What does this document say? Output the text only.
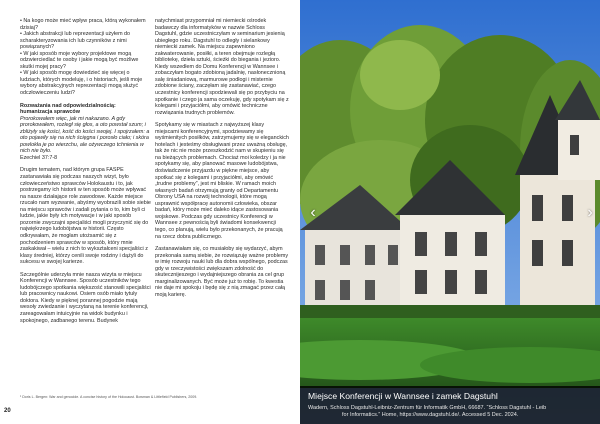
• Na kogo może mieć wpływ praca, którą wykonałem dzisiaj?

• Jakich abstrakcji lub reprezentacji użyłem do scharakteryzowania ich lub czynników z nimi powiązanych?

• W jaki sposób moje wybory projektowe mogą odzwierciedlać te osoby i jakie mogą być możliwe skutki mojej pracy?

• W jaki sposób mogę dowiedzieć się więcej o ludziach, których modeluję, i o historiach, jeśli moje wybory abstrakcyjnych reprezentacji mogą służyć odczłowieczeniu ludzi?

Rozważania nad odpowiedzialnością:

humanizacja sprawców

Prorokowałem więc, jak mi nakazano. A gdy prorokowałem, rozległ się głos, a oto powstał szum; i zbliżyły się kości, kość do kości swojej. I spojrzałem: a oto pojawiły się na nich ścięgna i porosło ciało; i skóra powlokła je po wierzchu, ale ożywczego tchnienia w nich nie było.

Ezechiel 37:7-8

Drugim tematem, nad którym grupa FASPE zastanawiała się podczas naszych wizyt, było człowieczeństwo sprawców Holokaustu i to, jak postrzegamy ich historii w ten sposób może wpływać na nasze działające role zawodowe. Każde miejsce rzucało nam wyzwanie, abyśmy wyobrazili sobie siebie na miejscu sprawców i zadali pytania o to, kim byli ci ludzie, jakie były ich motywacje i w jaki sposób pozornie zwyczajni specjaliści mogli przyczynić się do najwiękrzego ludobójstwa w historii. Często odkrywałam, że mogłam utożsamić się z pochodzeniem sprawców w sposób, który mnie zaskakiwał – wielu z nich to wykształceni specjaliści z klasy średniej, którzy cenili swoje rodziny i dążyli do sukcesu w swojej karierze.

Szczególnie uderzyła mnie nasza wizyta w miejscu Konferencji w Wannsee. Sposób uczestników tego ludobójczego spotkania większość stanowili specjaliści lub pracownicy naukowi. Osiem osób miało tytuły doktora. Kiedy w pięknej porannej pogodzie mają wesoły zwiedzanie i wyczytaną na terenie konferencji, zareagowałam intuicyjnie na widok budynku i spokojnego, zadbanego terenu. Budynek

natychmiast przypomniał mi niemiecki ośrodek badawczy dla informatyków w nazwie Schloss Dagstuhl, gdzie uczestniczyłam w seminarium jesienią ubiegłego roku. Dagstuhl to odległy i sielankowy niemiecki zamek. Na miejscu zapewniono zakwaterowanie, posiłki, a teren obejmuje rozległą bibliotekę, dzieła sztuki, ścieżki do biegania i jezioro. Kiedy wszedłem do Domu Konferencji w Wannsee i zobaczyłam bogato zdobioną jadalnię, nasłonecznioną salę śniadaniową, marmurowe podłogi i misternie zdobione ściany, zaczęłam się zastanawiać, czego uczestnicy konferencji spodziewali się po przybyciu na spotkanie i czego ja sama oczekuję, gdy spotykam się z kolegami i przyjaciółmi, aby omówić techniczne rozwiązania trudnych problemów.

Spotykamy się w miastach z najwyższej klasy miejscami konferencyjnymi, spodziewamy się wyśmienitych posiłków, zatrzymujemy się w eleganckich hotelach i jesteśmy obsługiwani przez uważną obsługę, tak że nic nie może przeszkodzić nam w skupieniu się na bieżących problemach. Chociaż moi koledzy i ja nie spotykamy się, aby planować masowe ludobójstwa, doświadczenie przyjazdu w piękne miejsce, aby spotkać się z kolegami i przyjaciółmi, aby omówić „trudne problemy”, jest mi bliskie. W ramach moich własnych badań otrzymują granty od Departamentu Obrony USA na rozwój technologii, które mogą usprawnić współpracę autonomii człowieka, obszar badań, który może mieć daleko idące zastosowania wojskowe. Podczas gdy uczestnicy Konferencji w Wannsee z pewnością byli świadomi konsekwencji tego, co planują, wielu było przekonanych, że pracują na rzecz dobra publicznego.

Zastanawiałam się, co musiałoby się wydarzyć, abym przekonała samą siebie, że rozwiązuję ważne problemy w imię rozwoju nauki lub dla dobra wspólnego, podczas gdy w rzeczywistości zwiększam zdolność do skutecznijeszego i wydajniejszego obrania za cel grup marginalizowanych. Być może już to robię. To kwestia nie daje mi spokoju i będę się z nią zmagać przez całą moją karierę.

¹ Doris L. Bergen: War and genocide. A concise history of the Holocaust. Bowman & Littlefield Publishers, 2009.
20
‹	›
Miejsce Konferencji w Wannsee i zamek Dagstuhl
Wadern, Schloss Dagstuhl-Leibniz-Zentrum für Informatik GmbH, 66687. “Schloss Dagstuhl - Leib
for Informatics.” Home, https://www.dagstuhl.de/. Accessed 5 Dec. 2024.
